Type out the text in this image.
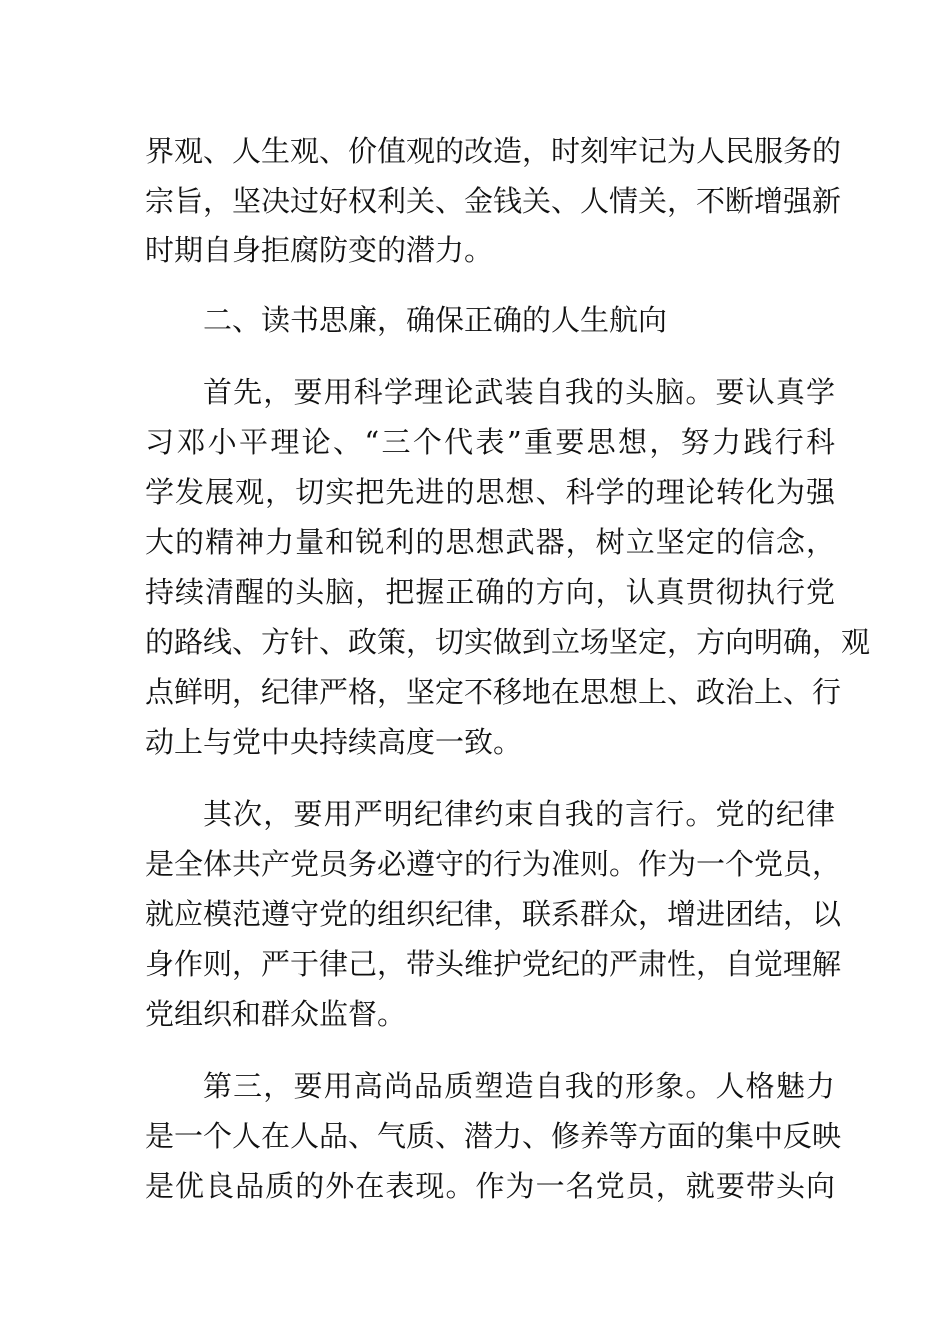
界观、人生观、价值观的改造，时刻牢记为人民服务的
宗旨，坚决过好权利关、金钱关、人情关，不断增强新
时期自身拒腐防变的潜力。
二、读书思廉，确保正确的人生航向
首先，要用科学理论武装自我的头脑。要认真学
习邓小平理论、“三个代表”重要思想，努力践行科
学发展观，切实把先进的思想、科学的理论转化为强
大的精神力量和锐利的思想武器，树立坚定的信念，
持续清醒的头脑，把握正确的方向，认真贯彻执行党
的路线、方针、政策，切实做到立场坚定，方向明确，观
点鲜明，纪律严格，坚定不移地在思想上、政治上、行
动上与党中央持续高度一致。
其次，要用严明纪律约束自我的言行。党的纪律
是全体共产党员务必遵守的行为准则。作为一个党员，
就应模范遵守党的组织纪律，联系群众，增进团结，以
身作则，严于律己，带头维护党纪的严肃性，自觉理解
党组织和群众监督。
第三，要用高尚品质塑造自我的形象。人格魅力
是一个人在人品、气质、潜力、修养等方面的集中反映
是优良品质的外在表现。作为一名党员，就要带头向
